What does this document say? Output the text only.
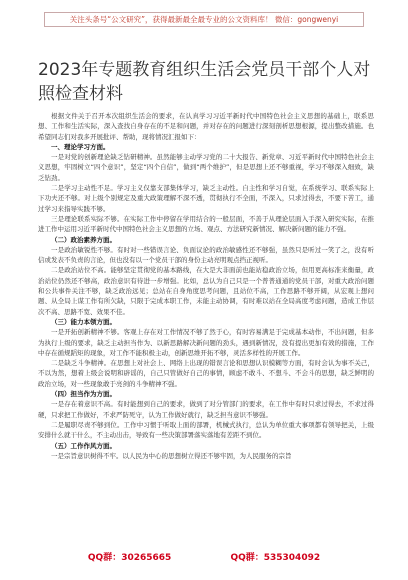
关注头条号“公文研究”，获得最新最全最专业的公文资料库！ 微信：gongwenyi
2023年专题教育组织生活会党员干部个人对照检查材料

根据文件关于召开本次组织生活会的要求，在认真学习习近平新时代中国特色社会主义思想的基础上，联系思想、工作和生活实际，深入查找自身存在的不足和问题，并对存在的问题进行深刻剖析思想根源，提出整改措施。也希望同志们对我多开展批评、帮助，现将情况汇报如下：

一、理论学习方面。

一是对党的创新理论缺乏钻研精神。虽然能够主动学习党的二十大报告、新党章、习近平新时代中国特色社会主义思想，牢固树立“四个意识”，坚定“四个自信”，做到“两个维护”，但是思想上还不够重视，学习不够深入细致，缺乏钻劲。

二是学习主动性不足。学习主义仅靠支部集体学习，缺乏主动性。自主性和学习自觉，在系统学习、联系实际上下功夫还不够。对上级个别规定及重大政策理解不深不透，贯彻执行不全面，不深入，只求过得去，不要下苦工，通过学习来指导实践不够。

三是理论联系实际不够。在实际工作中停留在学用结合的一般层面，不善于从理论层面入手深入研究实际，在推进工作中运用习近平新时代中国特色社会主义思想的立场、观点、方法研究新情况、解决新问题的能力不强。

（二）政治素养方面。

一是政治敏锐性不够。有时对一些错误言论、负面议论的政治敏感性还不够强，虽然只是听过一笑了之，没有听信或发表不负责的言论，但也没有以一个党员干部的身份主动亮明观点挡正视听。

二是政治站位不高。能够坚定贯彻党的基本路线，在大是大非面前也能站稳政治立场，但用更高标准来衡量，政治站位仍然还不够高，政治意识有待进一步增强。比如，总认为自己只是一个普普通通的党员干部，对重大政治问题和公共事件关注不够，缺乏政治远见；总站在自身角度思考问题，且站位不高，工作思路不够开阔，从宏观上想问题、从全局上谋工作有所欠缺，只限于完成本职工作，未能主动协调，有时难以站在全局高度考虑问题，造成工作层次不高、思路不宽、效果不佳。

（三）能力本领方面。

一是开拓创新精神不够。客观上存在对工作情况不够了然于心，有时容易满足于完成基本动作，不出问题，但多为执行上级的要求，缺乏主动担当作为、以新思路解决新问题的劲头，遇到新情况，没有提出更加有效的措施，工作中存在循规蹈矩的现象，对工作不能积极主动，创新思维开拓不够，灵活多样性的开展工作。

二是缺乏斗争精神。在思想上对社会上、网络上出现的错误言论和思想认识模糊等方面，有时会认为事不关己，不以为然，想着上级会说明和辟谣的，自己只管做好自己的事情，顾虑不敢斗、不想斗、不会斗的思想，缺乏鲜明的政治立场，对一些现象敢于亮剑的斗争精神不强。

（四）担当作为方面。

一是存在着意识不高。有时能想到自己的要求，做到了对分管部门的要求，在工作中有时只求过得去，不求过得硬，只求把工作做好，不求严防死守，认为工作做好就行，缺乏担当意识不够强。

二是履职尽责不够到位。工作中习惯于听取上面的部署，机械式执行，总认为单位重大事项都有领导把关，上级安排什么就干什么，不主动出击，导致有一些决策部署落实落地有差距不到位。

（五）工作作风方面。

一是宗旨意识树得不牢。以人民为中心的思想树立得还不够牢固，为人民服务的宗旨

QQ群：30265665	QQ群：535304092
